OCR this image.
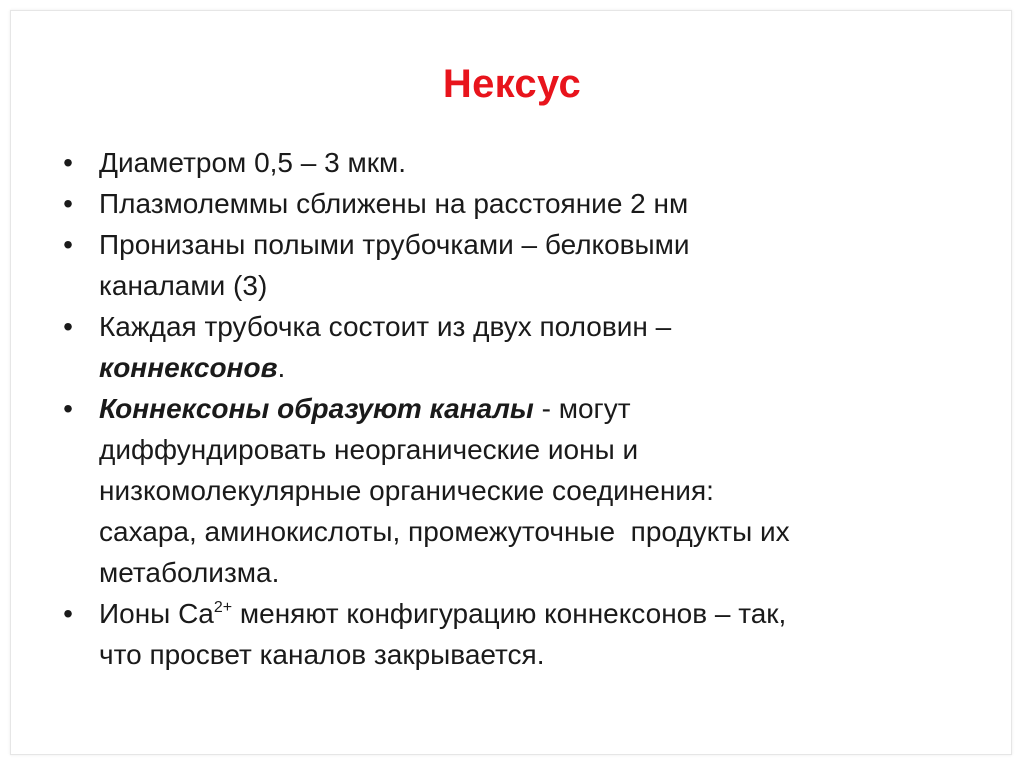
Нексус
• Диаметром 0,5 – 3 мкм.
• Плазмолеммы сближены на расстояние 2 нм
• Пронизаны полыми трубочками – белковыми
каналами (3)
• Каждая трубочка состоит из двух половин –
коннексонов.
• Коннексоны образуют каналы - могут
диффундировать неорганические ионы и
низкомолекулярные органические соединения:
сахара, аминокислоты, промежуточные  продукты их
метаболизма.
• Ионы $Ca^{2+}$ меняют конфигурацию коннексонов – так,
что просвет каналов закрывается.
